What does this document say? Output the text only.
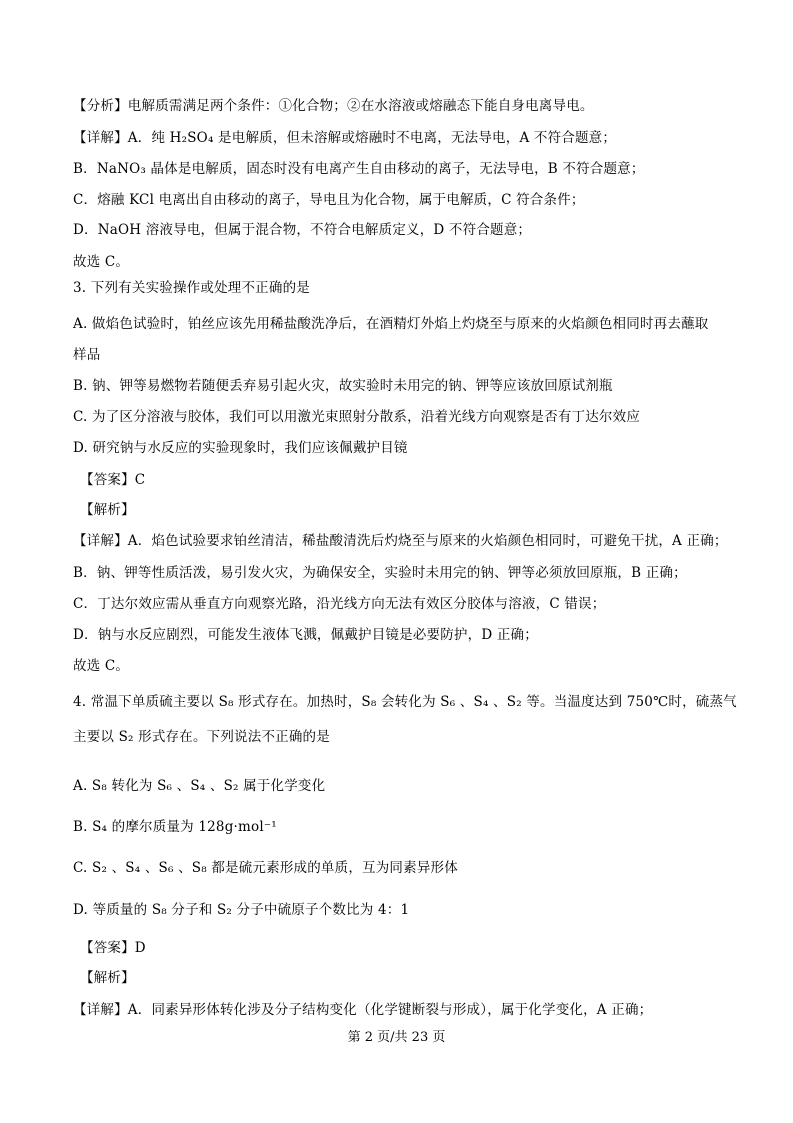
【分析】电解质需满足两个条件：①化合物；②在水溶液或熔融态下能自身电离导电。
【详解】A．纯 H₂SO₄ 是电解质，但未溶解或熔融时不电离，无法导电，A 不符合题意；
B．NaNO₃ 晶体是电解质，固态时没有电离产生自由移动的离子，无法导电，B 不符合题意；
C．熔融 KCl 电离出自由移动的离子，导电且为化合物，属于电解质，C 符合条件；
D．NaOH 溶液导电，但属于混合物，不符合电解质定义，D 不符合题意；
故选 C。
3. 下列有关实验操作或处理不正确的是
A. 做焰色试验时，铂丝应该先用稀盐酸洗净后，在酒精灯外焰上灼烧至与原来的火焰颜色相同时再去蘸取
样品
B. 钠、钾等易燃物若随便丢弃易引起火灾，故实验时未用完的钠、钾等应该放回原试剂瓶
C. 为了区分溶液与胶体，我们可以用激光束照射分散系，沿着光线方向观察是否有丁达尔效应
D. 研究钠与水反应的实验现象时，我们应该佩戴护目镜
【答案】C
【解析】
【详解】A．焰色试验要求铂丝清洁，稀盐酸清洗后灼烧至与原来的火焰颜色相同时，可避免干扰，A 正确；
B．钠、钾等性质活泼，易引发火灾，为确保安全，实验时未用完的钠、钾等必须放回原瓶，B 正确；
C．丁达尔效应需从垂直方向观察光路，沿光线方向无法有效区分胶体与溶液，C 错误；
D．钠与水反应剧烈，可能发生液体飞溅，佩戴护目镜是必要防护，D 正确；
故选 C。
4. 常温下单质硫主要以 S₈ 形式存在。加热时，S₈ 会转化为 S₆ 、S₄ 、S₂ 等。当温度达到 750℃时，硫蒸气
主要以 S₂ 形式存在。下列说法不正确的是
A. S₈ 转化为 S₆ 、S₄ 、S₂ 属于化学变化
B. S₄ 的摩尔质量为 128g·mol⁻¹
C. S₂ 、S₄ 、S₆ 、S₈ 都是硫元素形成的单质，互为同素异形体
D. 等质量的 S₈ 分子和 S₂ 分子中硫原子个数比为 4：1
【答案】D
【解析】
【详解】A．同素异形体转化涉及分子结构变化（化学键断裂与形成），属于化学变化，A 正确；
第 2 页/共 23 页
